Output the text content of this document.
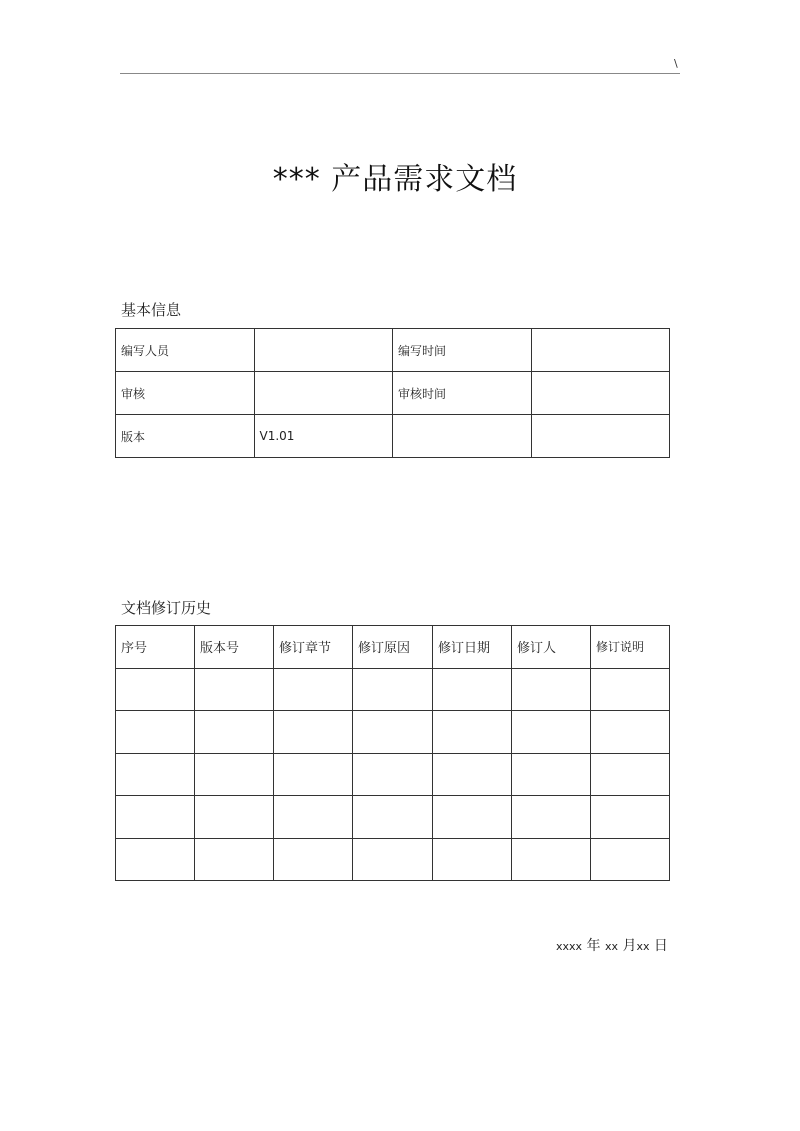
\
*** 产品需求文档
基本信息
编写人员		编写时间	
审核		审核时间	
版本	V1.01		
文档修订历史
序号	版本号	修订章节	修订原因	修订日期	修订人	修订说明

xxxx 年 xx 月xx 日
